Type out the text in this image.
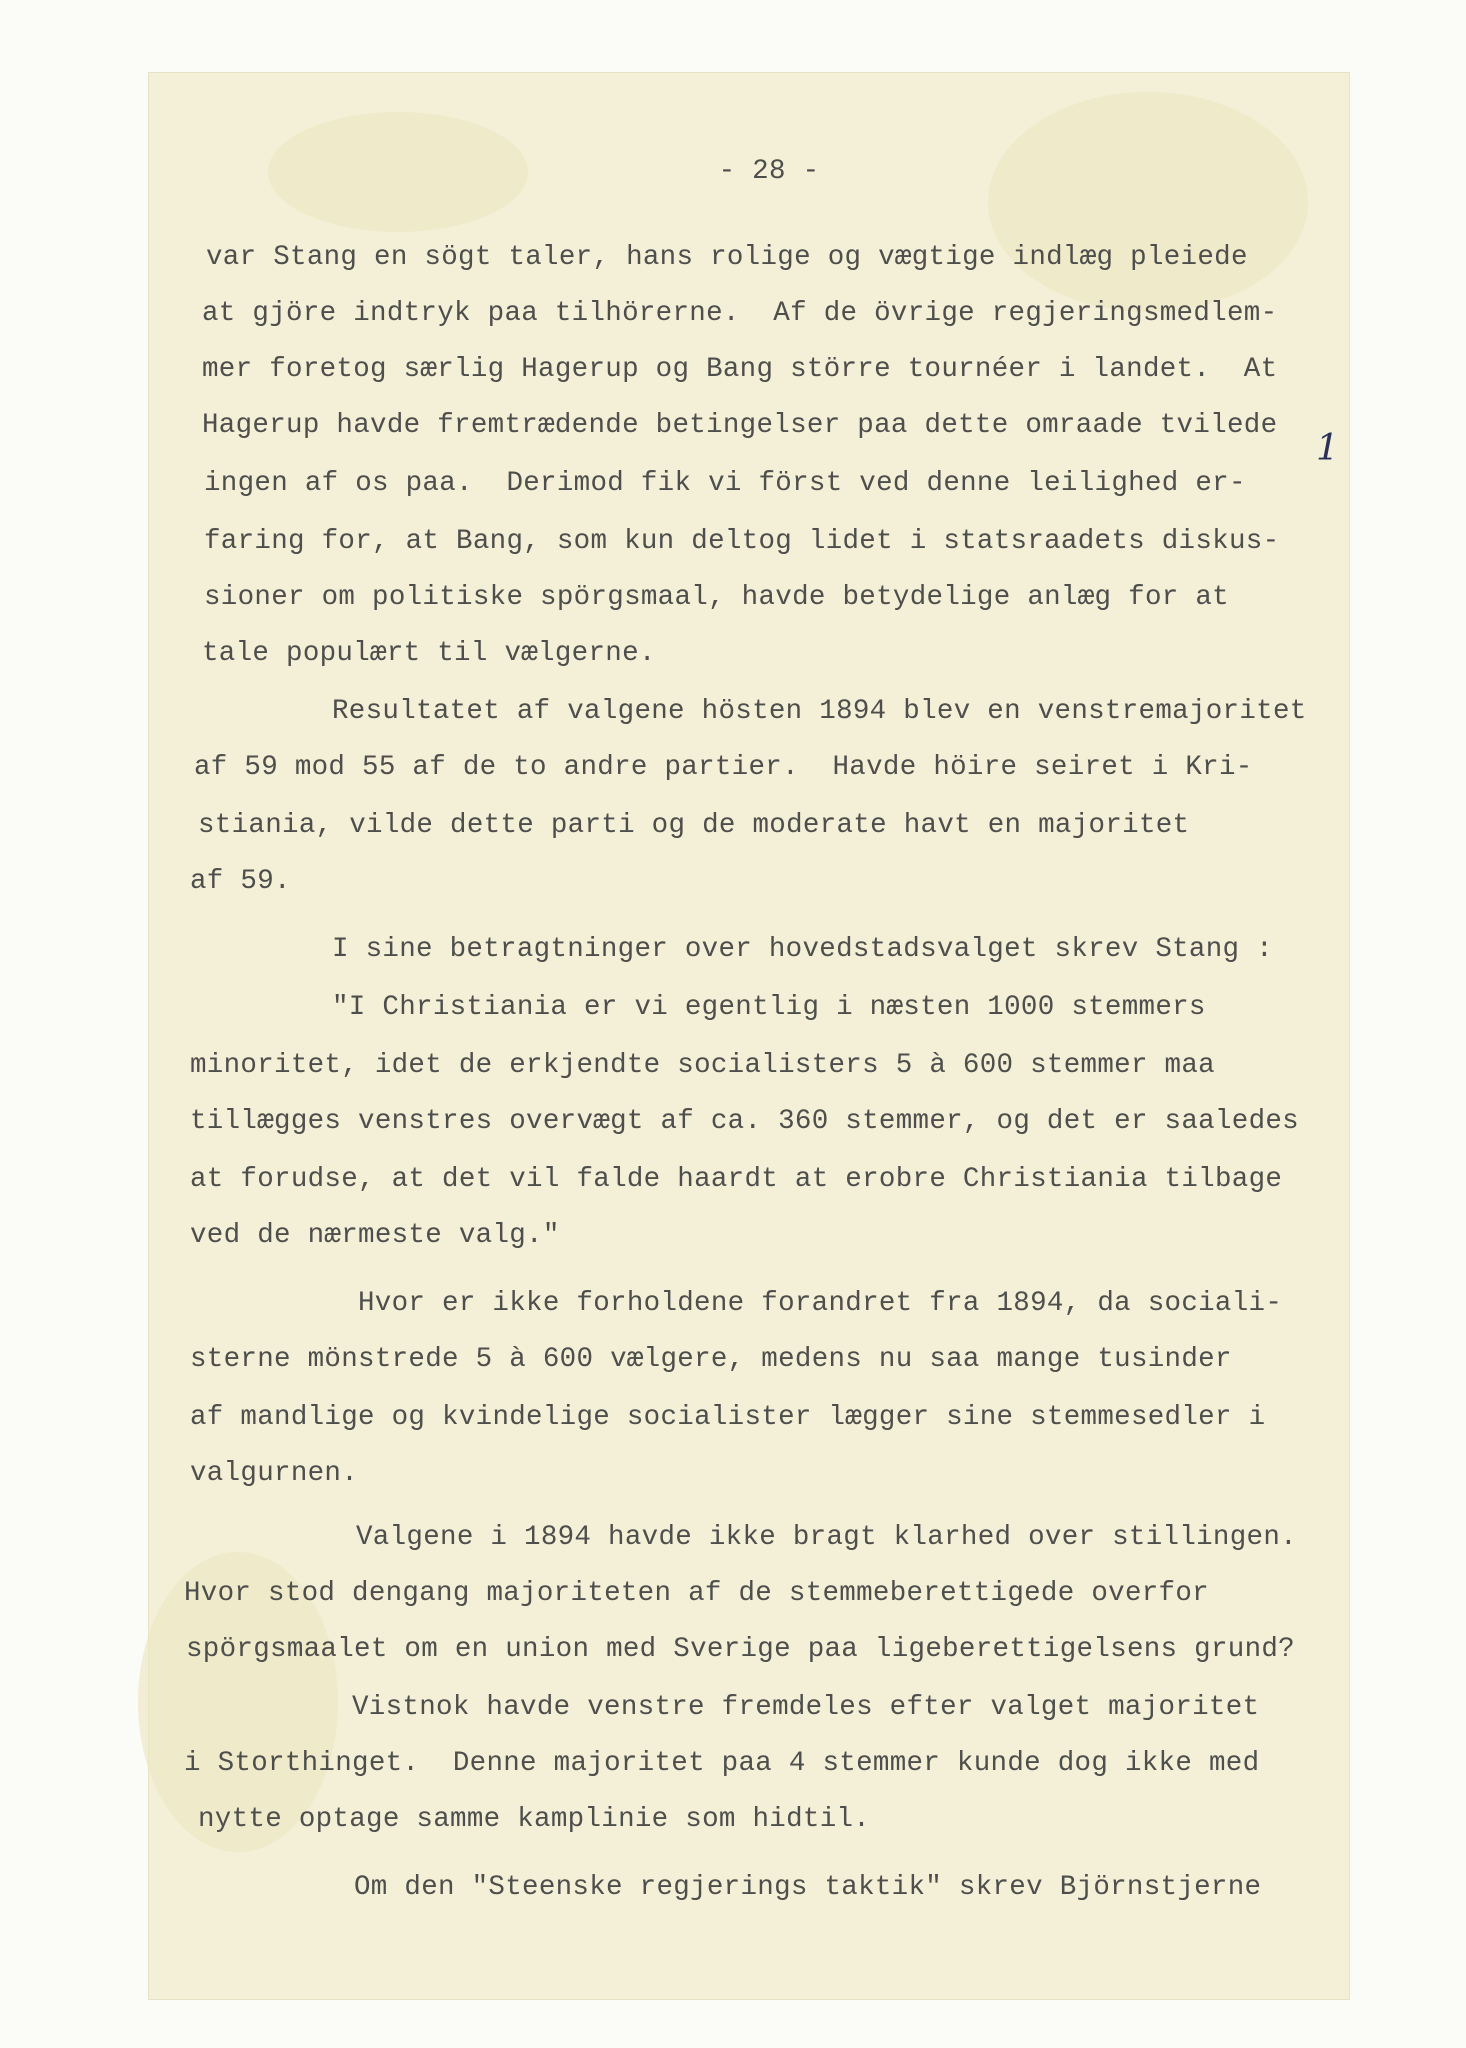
- 28 -
var Stang en sögt taler, hans rolige og vægtige indlæg pleiede
at gjöre indtryk paa tilhörerne.  Af de övrige regjeringsmedlem-
mer foretog særlig Hagerup og Bang större tournéer i landet.  At
Hagerup havde fremtrædende betingelser paa dette omraade tvilede
ingen af os paa.  Derimod fik vi först ved denne leilighed er-
faring for, at Bang, som kun deltog lidet i statsraadets diskus-
sioner om politiske spörgsmaal, havde betydelige anlæg for at
tale populært til vælgerne.
Resultatet af valgene hösten 1894 blev en venstremajoritet
af 59 mod 55 af de to andre partier.  Havde höire seiret i Kri-
stiania, vilde dette parti og de moderate havt en majoritet
af 59.
I sine betragtninger over hovedstadsvalget skrev Stang :
"I Christiania er vi egentlig i næsten 1000 stemmers
minoritet, idet de erkjendte socialisters 5 à 600 stemmer maa
tillægges venstres overvægt af ca. 360 stemmer, og det er saaledes
at forudse, at det vil falde haardt at erobre Christiania tilbage
ved de nærmeste valg."
Hvor er ikke forholdene forandret fra 1894, da sociali-
sterne mönstrede 5 à 600 vælgere, medens nu saa mange tusinder
af mandlige og kvindelige socialister lægger sine stemmesedler i
valgurnen.
Valgene i 1894 havde ikke bragt klarhed over stillingen.
Hvor stod dengang majoriteten af de stemmeberettigede overfor
spörgsmaalet om en union med Sverige paa ligeberettigelsens grund?
Vistnok havde venstre fremdeles efter valget majoritet
i Storthinget.  Denne majoritet paa 4 stemmer kunde dog ikke med
nytte optage samme kamplinie som hidtil.
Om den "Steenske regjerings taktik" skrev Björnstjerne
1
